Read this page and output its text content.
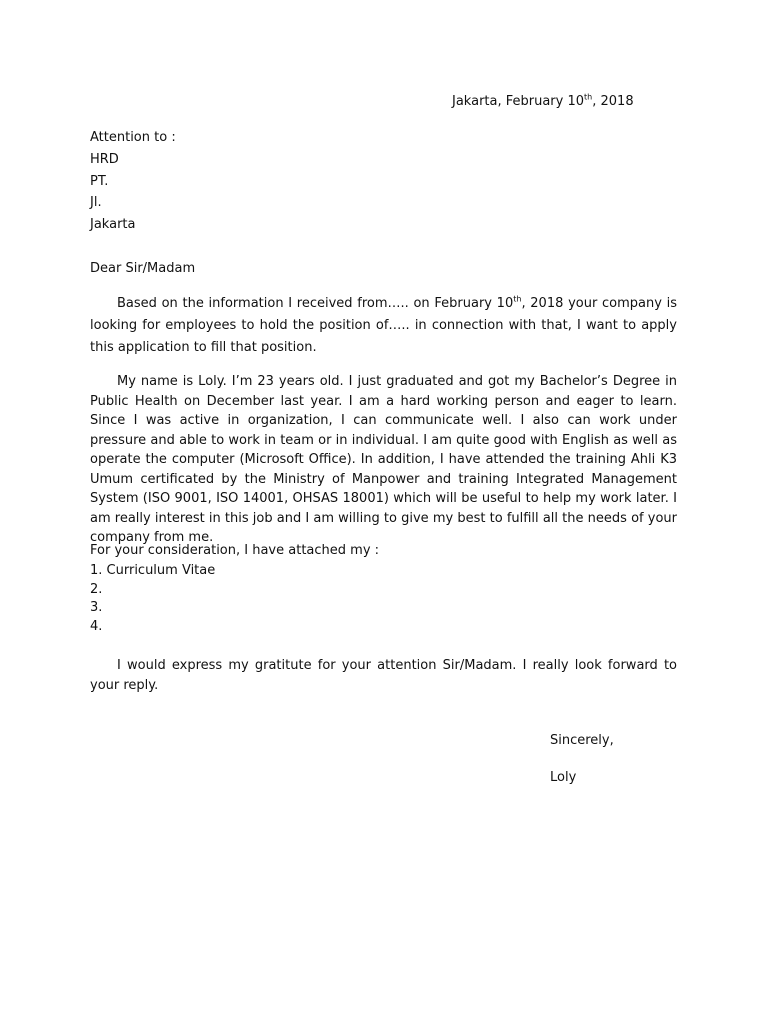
Jakarta, February 10th, 2018
Attention to :
HRD
PT.
Jl.
Jakarta
Dear Sir/Madam
Based on the information I received from….. on February 10th, 2018 your company is looking for employees to hold the position of….. in connection with that, I want to apply this application to fill that position.
My name is Loly. I’m 23 years old. I just graduated and got my Bachelor’s Degree in Public Health on December last year. I am a hard working person and eager to learn. Since I was active in organization, I can communicate well. I also can work under pressure and able to work in team or in individual. I am quite good with English as well as operate the computer (Microsoft Office). In addition, I have attended the training Ahli K3 Umum certificated by the Ministry of Manpower and training Integrated Management System (ISO 9001, ISO 14001, OHSAS 18001) which will be useful to help my work later. I am really interest in this job and I am willing to give my best to fulfill all the needs of your company from me.
For your consideration, I have attached my :
1. Curriculum Vitae
2.
3.
4.
I would express my gratitute for your attention Sir/Madam. I really look forward to your reply.
Sincerely,
Loly
